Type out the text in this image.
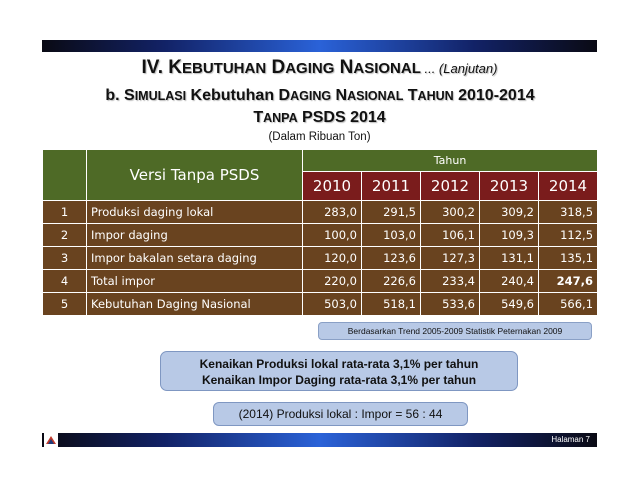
IV. KEBUTUHAN DAGING NASIONAL ... (Lanjutan)
b. SIMULASI Kebutuhan DAGING NASIONAL TAHUN 2010-2014
TANPA PSDS 2014
(Dalam Ribuan Ton)
	Versi Tanpa PSDS	Tahun				
		2010	2011	2012	2013	2014
1	Produksi daging lokal	283,0	291,5	300,2	309,2	318,5
2	Impor daging	100,0	103,0	106,1	109,3	112,5
3	Impor bakalan setara daging	120,0	123,6	127,3	131,1	135,1
4	Total impor	220,0	226,6	233,4	240,4	247,6
5	Kebutuhan Daging Nasional	503,0	518,1	533,6	549,6	566,1
Berdasarkan Trend 2005-2009 Statistik Peternakan 2009
Kenaikan Produksi lokal rata-rata 3,1% per tahun
Kenaikan Impor Daging rata-rata 3,1% per tahun
(2014) Produksi lokal : Impor = 56 : 44
Halaman 7
